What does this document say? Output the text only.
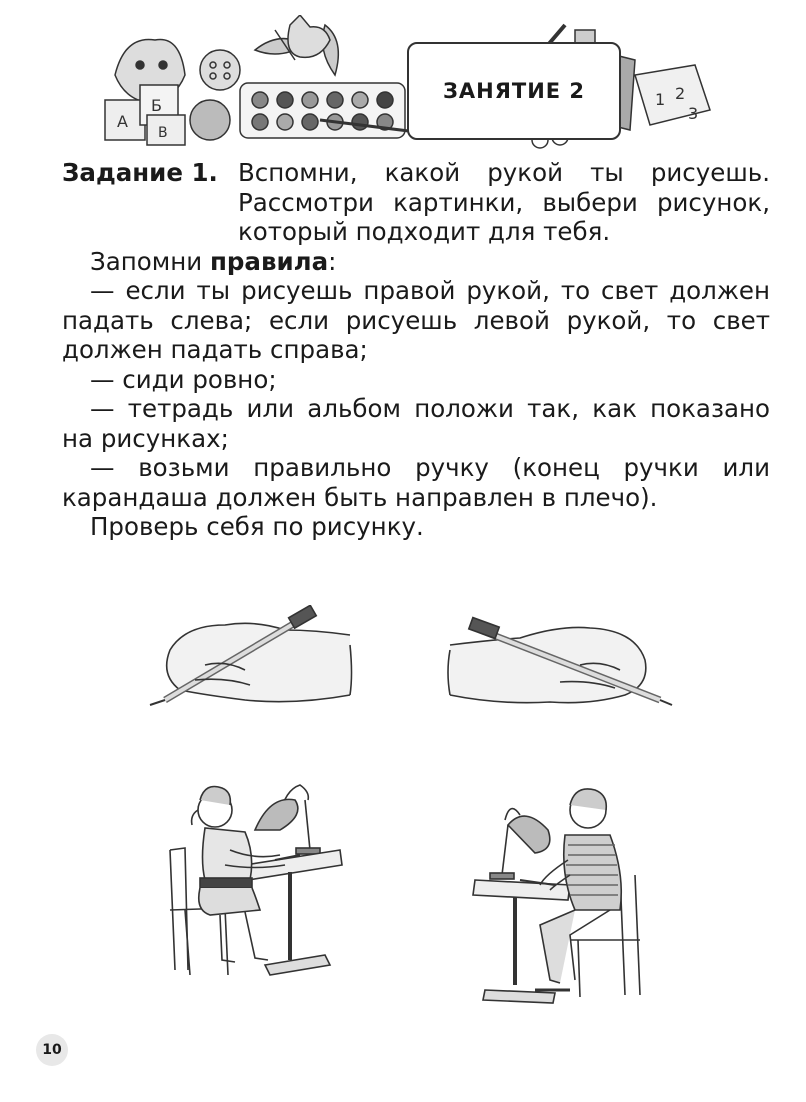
А
Б
В
1 2
3
ЗАНЯТИЕ 2
Задание 1. Вспомни, какой рукой ты рисуешь. Рассмотри картинки, выбери рисунок, который подходит для тебя.
Запомни правила:
— если ты рисуешь правой рукой, то свет должен падать слева; если рисуешь левой рукой, то свет должен падать справа;
— сиди ровно;
— тетрадь или альбом положи так, как показано на рисунках;
— возьми правильно ручку (конец ручки или карандаша должен быть направлен в плечо).
Проверь себя по рисунку.
10
